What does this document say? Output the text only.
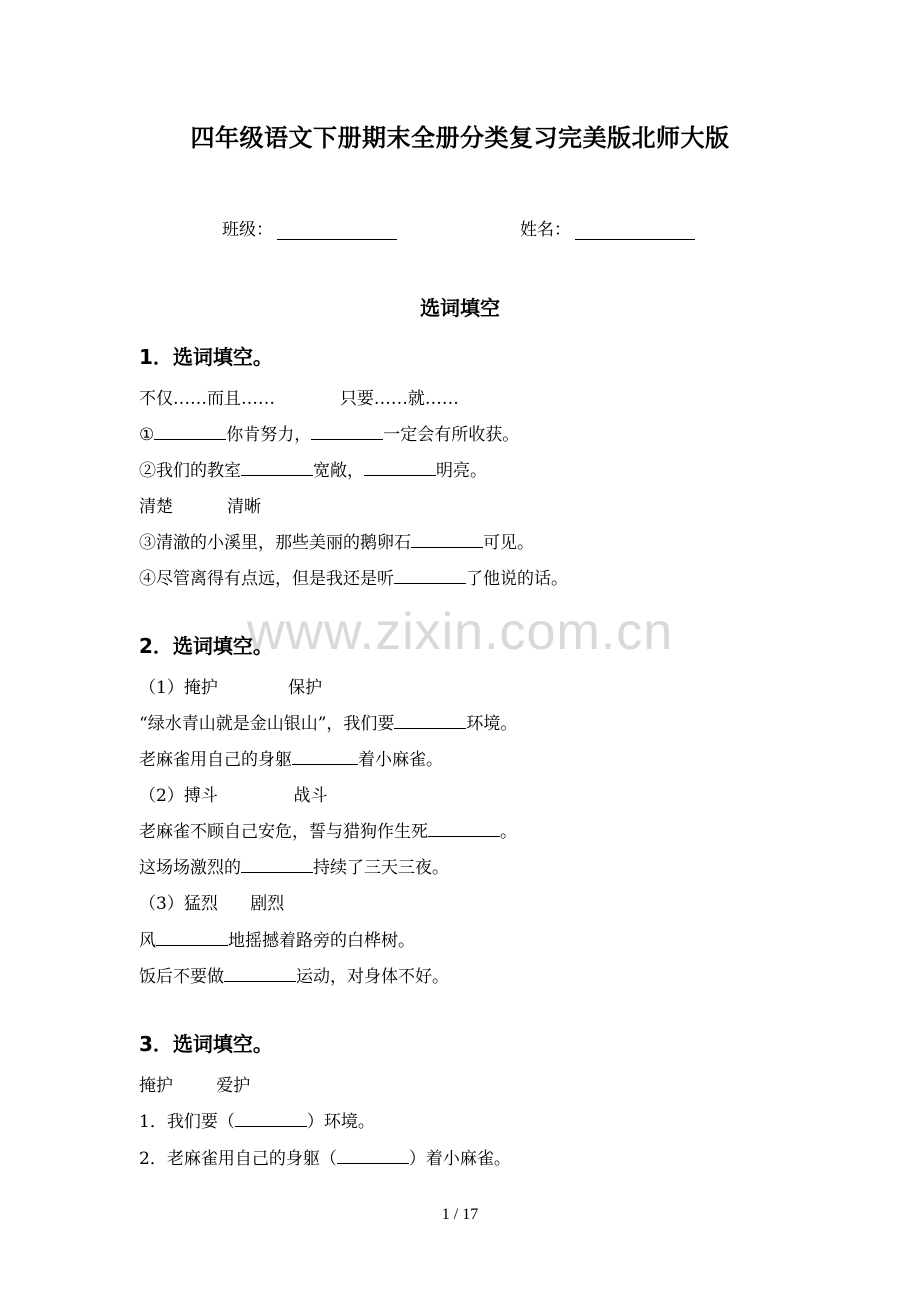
四年级语文下册期末全册分类复习完美版北师大版
班级：	姓名：
选词填空
1．选词填空。
不仅……而且……            只要……就……
①	你肯努力，	一定会有所收获。
②我们的教室	宽敞，	明亮。
清楚          清晰
③清澈的小溪里，那些美丽的鹅卵石	可见。
④尽管离得有点远，但是我还是听	了他说的话。
www.zixin.com.cn
2．选词填空。
（1）掩护             保护
“绿水青山就是金山银山”，我们要	环境。
老麻雀用自己的身躯	着小麻雀。
（2）搏斗              战斗
老麻雀不顾自己安危，誓与猎狗作生死	。
这场场激烈的	持续了三天三夜。
（3）猛烈      剧烈
风	地摇撼着路旁的白桦树。
饭后不要做	运动，对身体不好。
3．选词填空。
掩护        爱护
1．我们要（	）环境。
2．老麻雀用自己的身躯（	）着小麻雀。
1 / 17
